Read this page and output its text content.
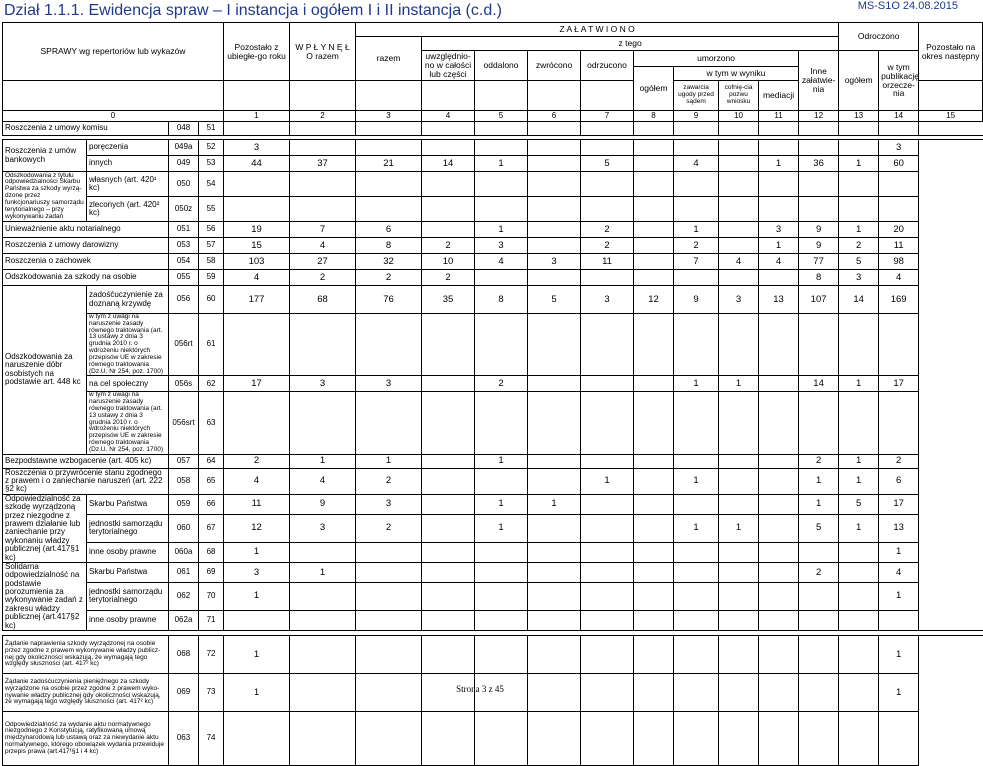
Dział 1.1.1. Ewidencja spraw – I instancja i ogółem I i II instancja (c.d.)	MS-S1O 24.08.2015
SPRAWY wg repertoriów lub wykazów				Pozostało z ubiegłe-go roku	W P Ł Y N Ę Ł O razem	Z A Ł A T W I O N O										Odroczono		Pozostało na okres następny
						razem	z tego											
							uwzględnio-no w całości lub części	oddalono	zwrócono	odrzucono	umorzono				Inne załatwie-nia	ogółem	w tym publikację orzecze-nia	
											ogółem	w tym w wyniku						
												zawarcia ugody przed sądem	cofnię-cia pozwu wniosku	mediacji				
0				1	2	3	4	5	6	7	8	9	10	11	12	13	14	15
Roszczenia z umowy komisu		048	51															

Roszczenia z umów bankowych	poręczenia	049a	52	3													3	
	innych	049	53	44	37	21	14	1		5		4		1	36	1	60	
Odszkodowania z tytułu odpowiedzialności Skarbu Państwa za szkody wyrzą-dzone przez funkcjonariuszy samorządu terytorialnego – przy wykonywaniu zadań	własnych (art. 420¹ kc)	050	54															
	zleconych (art. 420² kc)	050z	55															
Unieważnienie aktu notarialnego		051	56	19	7	6		1		2		1		3	9	1	20	
Roszczenia z umowy darowizny		053	57	15	4	8	2	3		2		2		1	9	2	11	
Roszczenia o zachowek		054	58	103	27	32	10	4	3	11		7	4	4	77	5	98	
Odszkodowania za szkody na osobie		055	59	4	2	2	2								8	3	4	
Odszkodowania za naruszenie dóbr osobistych na podstawie art. 448 kc	zadośćuczynienie za doznaną krzywdę	056	60	177	68	76	35	8	5	3	12	9	3	13	107	14	169	
	w tym z uwagi na naruszenie zasady równego traktowania (art. 13 ustawy z dnia 3 grudnia 2010 r. o wdrożeniu niektórych przepisów UE w zakresie równego traktowania (Dz.U. Nr 254, poz. 1700)	056rt	61															
	na cel społeczny	056s	62	17	3	3		2				1	1		14	1	17	
	w tym z uwagi na naruszenie zasady równego traktowania (art. 13 ustawy z dnia 3 grudnia 2010 r. o wdrożeniu niektórych przepisów UE w zakresie równego traktowania (Dz.U. Nr 254, poz. 1700)	056srt	63															
Bezpodstawne wzbogacenie (art. 405 kc)		057	64	2	1	1		1							2	1	2	
Roszczenia o przywrócenie stanu zgodnego z prawem i o zaniechanie naruszeń (art. 222 §2 kc)		058	65	4	4	2				1		1			1	1	6	
Odpowiedzialność za szkodę wyrządzoną przez niezgodne z prawem działanie lub zaniechanie przy wykonaniu władzy publicznej (art.417§1 kc)	Skarbu Państwa	059	66	11	9	3		1	1						1	5	17	
	jednostki samorządu terytorialnego	060	67	12	3	2		1				1	1		5	1	13	
	inne osoby prawne	060a	68	1													1	
Solidarna odpowiedzialność na podstawie porozumienia za wykonywanie zadań z zakresu władzy publicznej (art.417§2 kc)	Skarbu Państwa	061	69	3	1										2		4	
	jednostki samorządu terytorialnego	062	70	1													1	
	inne osoby prawne	062a	71															

Żądanie naprawienia szkody wyrządzonej na osobie przez zgodne z prawem wykonywanie władzy publicz-nej gdy okoliczności wskazują, że wymagają tego względy słuszności (art. 417² kc)		068	72	1													1	
Żądanie zadośćuczynienia pieniężnego za szkody wyrządzone na osobie przez zgodne z prawem wyko-nywanie władzy publicznej gdy okoliczności wskazują, że wymagają tego względy słuszności (art. 417² kc)		069	73	1													1	
Odpowiedzialność za wydanie aktu normatywnego niezgodnego z Konstytucją, ratyfikowaną umową międzynarodową lub ustawą oraz za niewydanie aktu normatywnego, którego obowiązek wydania przewiduje przepis prawa (art.417¹§1 i 4 kc)		063	74															
Strona 3 z 45
